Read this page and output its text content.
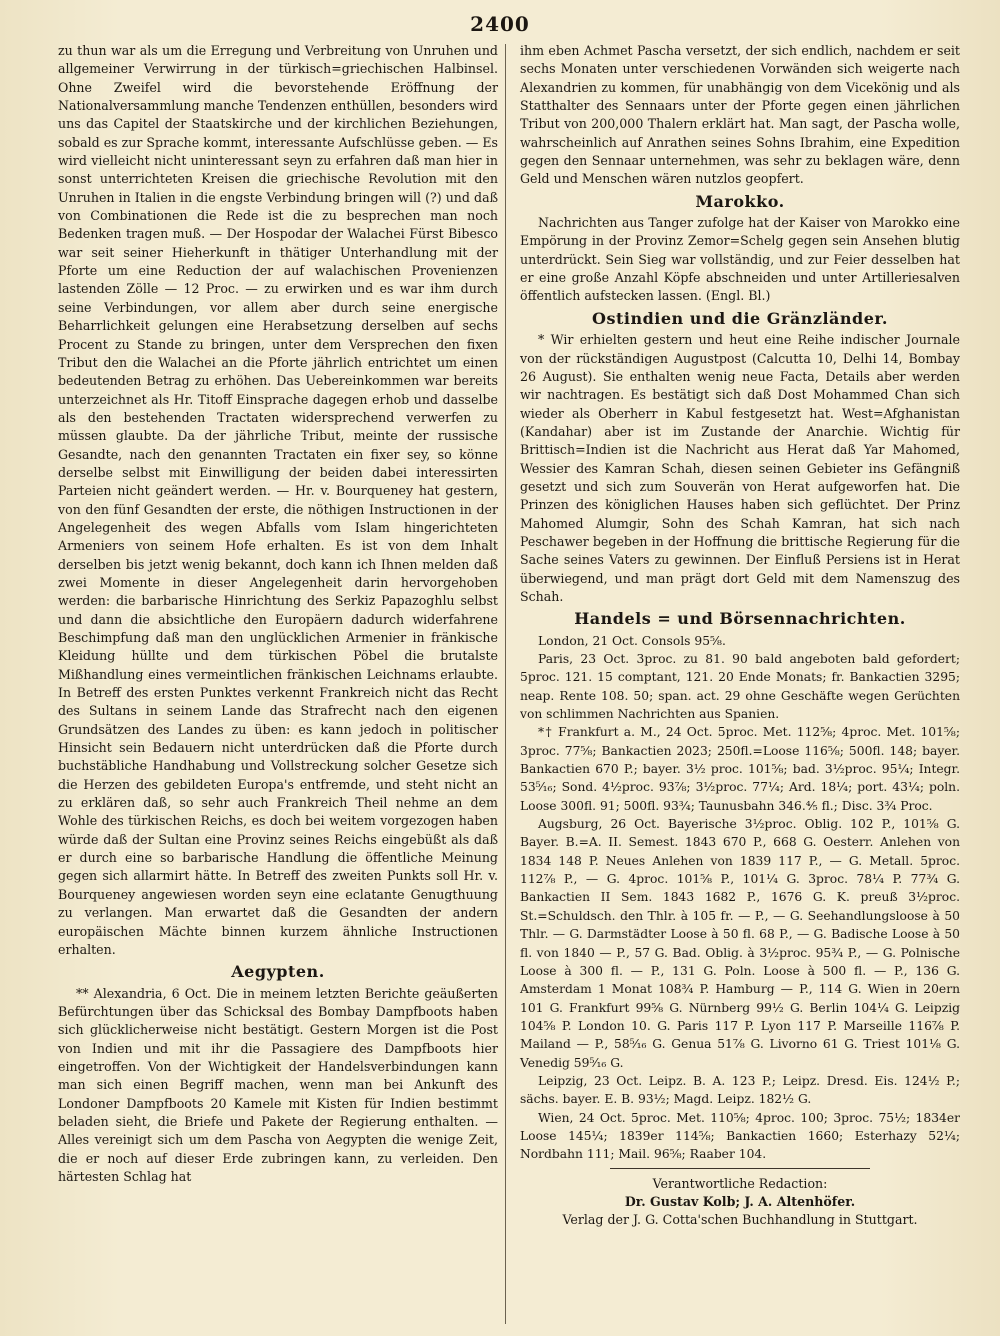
2400

zu thun war als um die Erregung und Verbreitung von Unruhen und allgemeiner Verwirrung in der türkisch=griechischen Halbinsel. Ohne Zweifel wird die bevorstehende Eröffnung der Nationalversammlung manche Tendenzen enthüllen, besonders wird uns das Capitel der Staatskirche und der kirchlichen Beziehungen, sobald es zur Sprache kommt, interessante Aufschlüsse geben. — Es wird vielleicht nicht uninteressant seyn zu erfahren daß man hier in sonst unterrichteten Kreisen die griechische Revolution mit den Unruhen in Italien in die engste Verbindung bringen will (?) und daß von Combinationen die Rede ist die zu besprechen man noch Bedenken tragen muß. — Der Hospodar der Walachei Fürst Bibesco war seit seiner Hieherkunft in thätiger Unterhandlung mit der Pforte um eine Reduction der auf walachischen Provenienzen lastenden Zölle — 12 Proc. — zu erwirken und es war ihm durch seine Verbindungen, vor allem aber durch seine energische Beharrlichkeit gelungen eine Herabsetzung derselben auf sechs Procent zu Stande zu bringen, unter dem Versprechen den fixen Tribut den die Walachei an die Pforte jährlich entrichtet um einen bedeutenden Betrag zu erhöhen. Das Uebereinkommen war bereits unterzeichnet als Hr. Titoff Einsprache dagegen erhob und dasselbe als den bestehenden Tractaten widersprechend verwerfen zu müssen glaubte. Da der jährliche Tribut, meinte der russische Gesandte, nach den genannten Tractaten ein fixer sey, so könne derselbe selbst mit Einwilligung der beiden dabei interessirten Parteien nicht geändert werden. — Hr. v. Bourqueney hat gestern, von den fünf Gesandten der erste, die nöthigen Instructionen in der Angelegenheit des wegen Abfalls vom Islam hingerichteten Armeniers von seinem Hofe erhalten. Es ist von dem Inhalt derselben bis jetzt wenig bekannt, doch kann ich Ihnen melden daß zwei Momente in dieser Angelegenheit darin hervorgehoben werden: die barbarische Hinrichtung des Serkiz Papazoghlu selbst und dann die absichtliche den Europäern dadurch widerfahrene Beschimpfung daß man den unglücklichen Armenier in fränkische Kleidung hüllte und dem türkischen Pöbel die brutalste Mißhandlung eines vermeintlichen fränkischen Leichnams erlaubte. In Betreff des ersten Punktes verkennt Frankreich nicht das Recht des Sultans in seinem Lande das Strafrecht nach den eigenen Grundsätzen des Landes zu üben: es kann jedoch in politischer Hinsicht sein Bedauern nicht unterdrücken daß die Pforte durch buchstäbliche Handhabung und Vollstreckung solcher Gesetze sich die Herzen des gebildeten Europa's entfremde, und steht nicht an zu erklären daß, so sehr auch Frankreich Theil nehme an dem Wohle des türkischen Reichs, es doch bei weitem vorgezogen haben würde daß der Sultan eine Provinz seines Reichs eingebüßt als daß er durch eine so barbarische Handlung die öffentliche Meinung gegen sich allarmirt hätte. In Betreff des zweiten Punkts soll Hr. v. Bourqueney angewiesen worden seyn eine eclatante Genugthuung zu verlangen. Man erwartet daß die Gesandten der andern europäischen Mächte binnen kurzem ähnliche Instructionen erhalten.

Aegypten.

** Alexandria, 6 Oct. Die in meinem letzten Berichte geäußerten Befürchtungen über das Schicksal des Bombay Dampfboots haben sich glücklicherweise nicht bestätigt. Gestern Morgen ist die Post von Indien und mit ihr die Passagiere des Dampfboots hier eingetroffen. Von der Wichtigkeit der Handelsverbindungen kann man sich einen Begriff machen, wenn man bei Ankunft des Londoner Dampfboots 20 Kamele mit Kisten für Indien bestimmt beladen sieht, die Briefe und Pakete der Regierung enthalten. — Alles vereinigt sich um dem Pascha von Aegypten die wenige Zeit, die er noch auf dieser Erde zubringen kann, zu verleiden. Den härtesten Schlag hat

ihm eben Achmet Pascha versetzt, der sich endlich, nachdem er seit sechs Monaten unter verschiedenen Vorwänden sich weigerte nach Alexandrien zu kommen, für unabhängig von dem Vicekönig und als Statthalter des Sennaars unter der Pforte gegen einen jährlichen Tribut von 200,000 Thalern erklärt hat. Man sagt, der Pascha wolle, wahrscheinlich auf Anrathen seines Sohns Ibrahim, eine Expedition gegen den Sennaar unternehmen, was sehr zu beklagen wäre, denn Geld und Menschen wären nutzlos geopfert.

Marokko.

Nachrichten aus Tanger zufolge hat der Kaiser von Marokko eine Empörung in der Provinz Zemor=Schelg gegen sein Ansehen blutig unterdrückt. Sein Sieg war vollständig, und zur Feier desselben hat er eine große Anzahl Köpfe abschneiden und unter Artilleriesalven öffentlich aufstecken lassen. (Engl. Bl.)

Ostindien und die Gränzländer.

* Wir erhielten gestern und heut eine Reihe indischer Journale von der rückständigen Augustpost (Calcutta 10, Delhi 14, Bombay 26 August). Sie enthalten wenig neue Facta, Details aber werden wir nachtragen. Es bestätigt sich daß Dost Mohammed Chan sich wieder als Oberherr in Kabul festgesetzt hat. West=Afghanistan (Kandahar) aber ist im Zustande der Anarchie. Wichtig für Brittisch=Indien ist die Nachricht aus Herat daß Yar Mahomed, Wessier des Kamran Schah, diesen seinen Gebieter ins Gefängniß gesetzt und sich zum Souverän von Herat aufgeworfen hat. Die Prinzen des königlichen Hauses haben sich geflüchtet. Der Prinz Mahomed Alumgir, Sohn des Schah Kamran, hat sich nach Peschawer begeben in der Hoffnung die brittische Regierung für die Sache seines Vaters zu gewinnen. Der Einfluß Persiens ist in Herat überwiegend, und man prägt dort Geld mit dem Namenszug des Schah.

Handels = und Börsennachrichten.

London, 21 Oct. Consols 95⅝.

Paris, 23 Oct. 3proc. zu 81. 90 bald angeboten bald gefordert; 5proc. 121. 15 comptant, 121. 20 Ende Monats; fr. Bankactien 3295; neap. Rente 108. 50; span. act. 29 ohne Geschäfte wegen Gerüchten von schlimmen Nachrichten aus Spanien.

*† Frankfurt a. M., 24 Oct. 5proc. Met. 112⅝; 4proc. Met. 101⅝; 3proc. 77⅝; Bankactien 2023; 250fl.=Loose 116⅝; 500fl. 148; bayer. Bankactien 670 P.; bayer. 3½ proc. 101⅝; bad. 3½proc. 95¼; Integr. 53⁵⁄₁₆; Sond. 4½proc. 93⅞; 3½proc. 77¼; Ard. 18¼; port. 43¼; poln. Loose 300fl. 91; 500fl. 93¾; Taunusbahn 346.⅘ fl.; Disc. 3¾ Proc.

Augsburg, 26 Oct. Bayerische 3½proc. Oblig. 102 P., 101⅝ G. Bayer. B.=A. II. Semest. 1843 670 P., 668 G. Oesterr. Anlehen von 1834 148 P. Neues Anlehen von 1839 117 P., — G. Metall. 5proc. 112⅞ P., — G. 4proc. 101⅝ P., 101¼ G. 3proc. 78¼ P. 77¾ G. Bankactien II Sem. 1843 1682 P., 1676 G. K. preuß 3½proc. St.=Schuldsch. den Thlr. à 105 fr. — P., — G. Seehandlungsloose à 50 Thlr. — G. Darmstädter Loose à 50 fl. 68 P., — G. Badische Loose à 50 fl. von 1840 — P., 57 G. Bad. Oblig. à 3½proc. 95¾ P., — G. Polnische Loose à 300 fl. — P., 131 G. Poln. Loose à 500 fl. — P., 136 G. Amsterdam 1 Monat 108¾ P. Hamburg — P., 114 G. Wien in 20ern 101 G. Frankfurt 99⅝ G. Nürnberg 99½ G. Berlin 104¼ G. Leipzig 104⅝ P. London 10. G. Paris 117 P. Lyon 117 P. Marseille 116⅞ P. Mailand — P., 58⁵⁄₁₆ G. Genua 51⅞ G. Livorno 61 G. Triest 101⅛ G. Venedig 59⁵⁄₁₆ G.

Leipzig, 23 Oct. Leipz. B. A. 123 P.; Leipz. Dresd. Eis. 124½ P.; sächs. bayer. E. B. 93½; Magd. Leipz. 182½ G.

Wien, 24 Oct. 5proc. Met. 110⅝; 4proc. 100; 3proc. 75½; 1834er Loose 145¼; 1839er 114⅝; Bankactien 1660; Esterhazy 52¼; Nordbahn 111; Mail. 96⅝; Raaber 104.

Verantwortliche Redaction:
Dr. Gustav Kolb; J. A. Altenhöfer.
Verlag der J. G. Cotta'schen Buchhandlung in Stuttgart.
